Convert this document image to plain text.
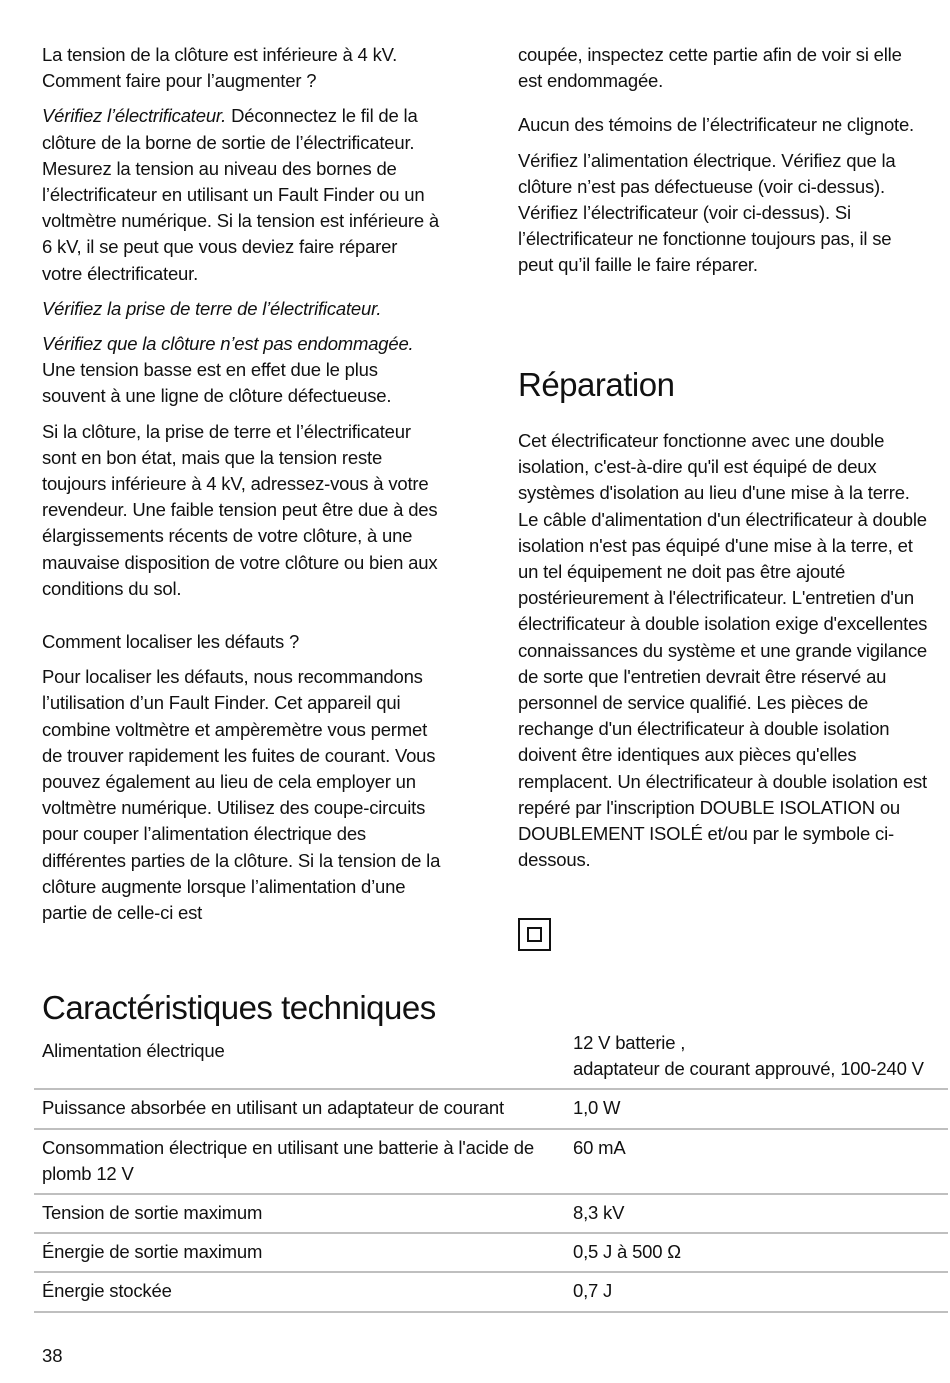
La tension de la clôture est inférieure à 4 kV. Comment faire pour l’augmenter ?

Vérifiez l’électrificateur. Déconnectez le fil de la clôture de la borne de sortie de l’électrificateur. Mesurez la tension au niveau des bornes de l’électrificateur en utilisant un Fault Finder ou un voltmètre numérique. Si la tension est inférieure à 6 kV, il se peut que vous deviez faire réparer votre électrificateur.

Vérifiez la prise de terre de l’électrificateur.

Vérifiez que la clôture n’est pas endommagée. Une tension basse est en effet due le plus souvent à une ligne de clôture défectueuse.

Si la clôture, la prise de terre et l’électrificateur sont en bon état, mais que la tension reste toujours inférieure à 4 kV, adressez-vous à votre revendeur. Une faible tension peut être due à des élargissements récents de votre clôture, à une mauvaise disposition de votre clôture ou bien aux conditions du sol.

Comment localiser les défauts ?

Pour localiser les défauts, nous recommandons l’utilisation d’un Fault Finder. Cet appareil qui combine voltmètre et ampèremètre vous permet de trouver rapidement les fuites de courant. Vous pouvez également au lieu de cela employer un voltmètre numérique. Utilisez des coupe-circuits pour couper l’alimentation électrique des différentes parties de la clôture. Si la tension de la clôture augmente lorsque l’alimentation d’une partie de celle-ci est

coupée, inspectez cette partie afin de voir si elle est endommagée.

Aucun des témoins de l’électrificateur ne clignote.

Vérifiez l’alimentation électrique. Vérifiez que la clôture n’est pas défectueuse (voir ci-dessus). Vérifiez l’électrificateur (voir ci-dessus). Si l’électrificateur ne fonctionne toujours pas, il se peut qu’il faille le faire réparer.

Réparation
Cet électrificateur fonctionne avec une double isolation, c'est-à-dire qu'il est équipé de deux systèmes d'isolation au lieu d'une mise à la terre. Le câble d'alimentation d'un électrificateur à double isolation n'est pas équipé d'une mise à la terre, et un tel équipement ne doit pas être ajouté postérieurement à l'électrificateur. L'entretien d'un électrificateur à double isolation exige d'excellentes connaissances du système et une grande vigilance de sorte que l'entretien devrait être réservé au personnel de service qualifié. Les pièces de rechange d'un électrificateur à double isolation doivent être identiques aux pièces qu'elles remplacent. Un électrificateur à double isolation est repéré par l'inscription DOUBLE ISOLATION ou DOUBLEMENT ISOLÉ et/ou par le symbole ci-dessous.
Caractéristiques techniques
Alimentation électrique	12 V batterie ,
adaptateur de courant approuvé, 100-240 V
Puissance absorbée en utilisant un adaptateur de courant	1,0 W
Consommation électrique en utilisant une batterie à l'acide de plomb 12 V
60 mA
Tension de sortie maximum	8,3 kV
Énergie de sortie maximum	0,5 J à 500 Ω
Énergie stockée	0,7 J
38
